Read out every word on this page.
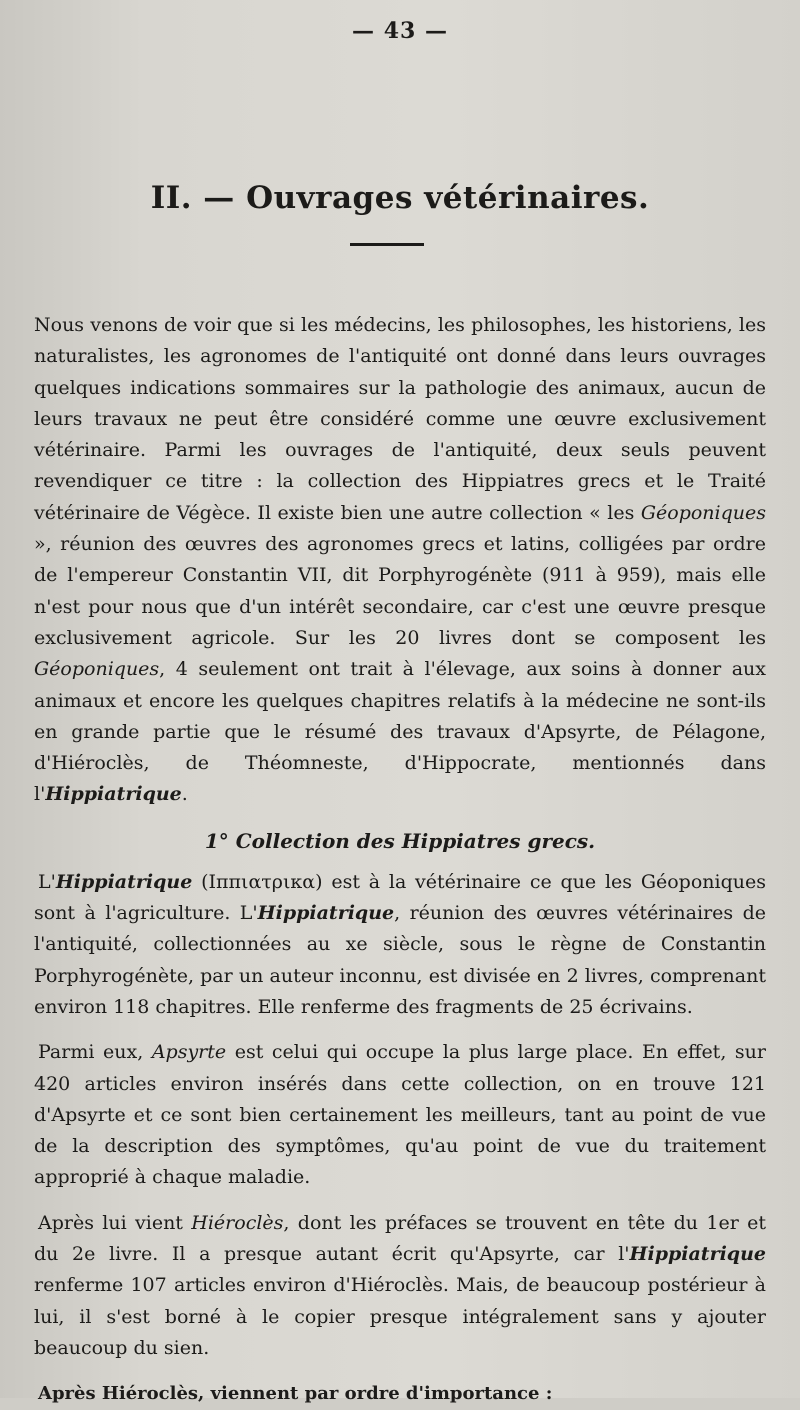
— 43 —
II. — Ouvrages vétérinaires.

Nous venons de voir que si les médecins, les philosophes, les historiens, les naturalistes, les agronomes de l'antiquité ont donné dans leurs ouvrages quelques indications sommaires sur la pathologie des animaux, aucun de leurs travaux ne peut être considéré comme une œuvre exclusivement vétérinaire. Parmi les ouvrages de l'antiquité, deux seuls peuvent revendiquer ce titre : la collection des Hippiatres grecs et le Traité vétérinaire de Végèce. Il existe bien une autre collection « les Géoponiques », réunion des œuvres des agronomes grecs et latins, colligées par ordre de l'empereur Constantin VII, dit Porphyrogénète (911 à 959), mais elle n'est pour nous que d'un intérêt secondaire, car c'est une œuvre presque exclusivement agricole. Sur les 20 livres dont se composent les Géoponiques, 4 seulement ont trait à l'élevage, aux soins à donner aux animaux et encore les quelques chapitres relatifs à la médecine ne sont-ils en grande partie que le résumé des travaux d'Apsyrte, de Pélagone, d'Hiéroclès, de Théomneste, d'Hippocrate, mentionnés dans l'Hippiatrique.

1° Collection des Hippiatres grecs.

L'Hippiatrique (Ιππιατρικα) est à la vétérinaire ce que les Géoponiques sont à l'agriculture. L'Hippiatrique, réunion des œuvres vétérinaires de l'antiquité, collectionnées au xe siècle, sous le règne de Constantin Porphyrogénète, par un auteur inconnu, est divisée en 2 livres, comprenant environ 118 chapitres. Elle renferme des fragments de 25 écrivains.

Parmi eux, Apsyrte est celui qui occupe la plus large place. En effet, sur 420 articles environ insérés dans cette collection, on en trouve 121 d'Apsyrte et ce sont bien certainement les meilleurs, tant au point de vue de la description des symptômes, qu'au point de vue du traitement approprié à chaque maladie.

Après lui vient Hiéroclès, dont les préfaces se trouvent en tête du 1er et du 2e livre. Il a presque autant écrit qu'Apsyrte, car l'Hippiatrique renferme 107 articles environ d'Hiéroclès. Mais, de beaucoup postérieur à lui, il s'est borné à le copier presque intégralement sans y ajouter beaucoup du sien.

Après Hiéroclès, viennent par ordre d'importance :
